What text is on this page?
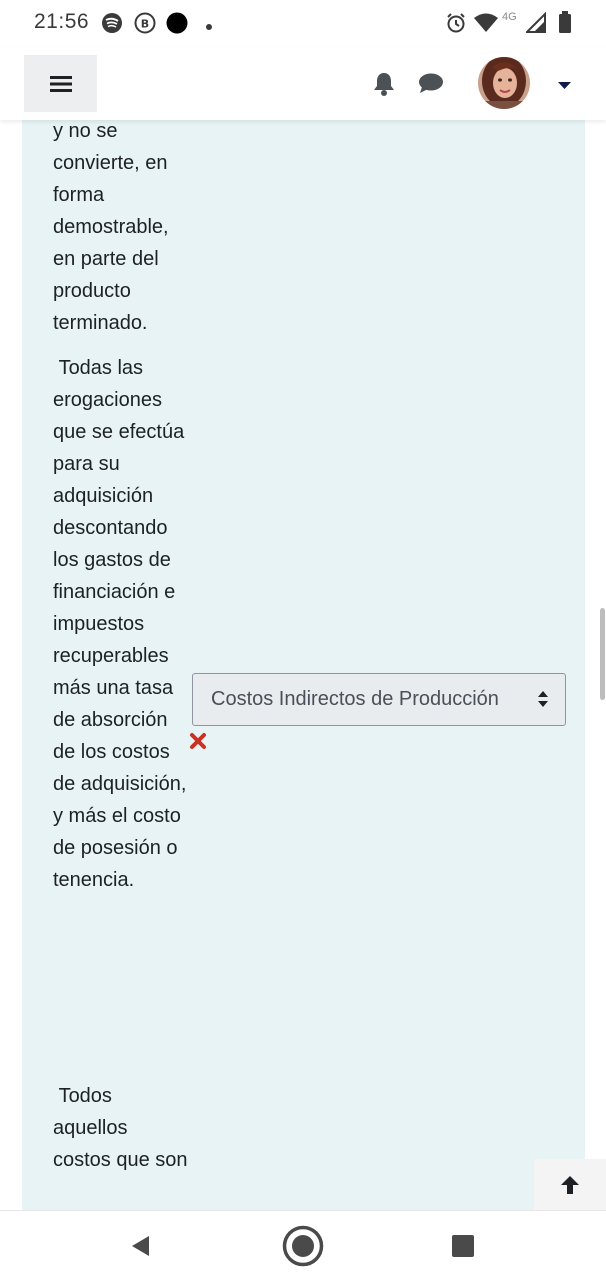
21:56	B
4G

y no se convierte, en forma demostrable, en parte del producto terminado.

Todas las erogaciones que se efectúa para su adquisición descontando los gastos de financiación e impuestos recuperables más una tasa de absorción de los costos de adquisición, y más el costo de posesión o tenencia.

Costos Indirectos de Producción

Todos aquellos costos que son
